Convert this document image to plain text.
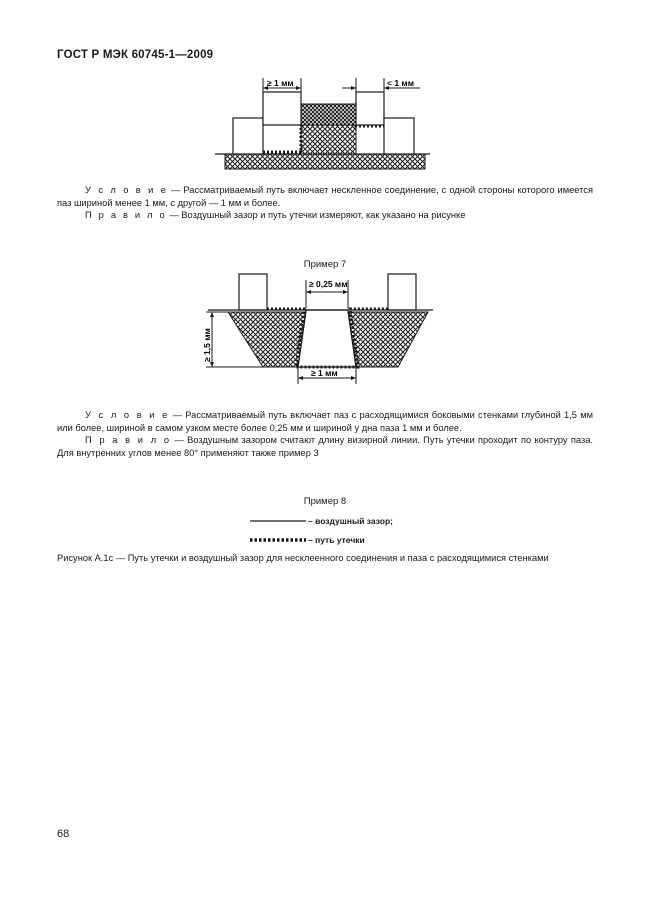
ГОСТ Р МЭК 60745-1—2009
≥ 1 мм	< 1 мм
У с л о в и е — Рассматриваемый путь включает нескленное соединение, с одной стороны которого имеется паз шириной менее 1 мм, с другой — 1 мм и более.
П р а в и л о — Воздушный зазор и путь утечки измеряют, как указано на рисунке
Пример 7
≥ 0,25 мм
≥ 1,5 мм
≥ 1 мм
У с л о в и е — Рассматриваемый путь включает паз с расходящимися боковыми стенками глубиной 1,5 мм или более, шириной в самом узком месте более 0,25 мм и шириной у дна паза 1 мм и более.
П р а в и л о — Воздушным зазором считают длину визирной линии. Путь утечки проходит по контуру паза. Для внутренних углов менее 80° применяют также пример 3
Пример 8
– воздушный зазор;
– путь утечки
Рисунок А.1с — Путь утечки и воздушный зазор для несклеенного соединения и паза с расходящимися стенками
68
